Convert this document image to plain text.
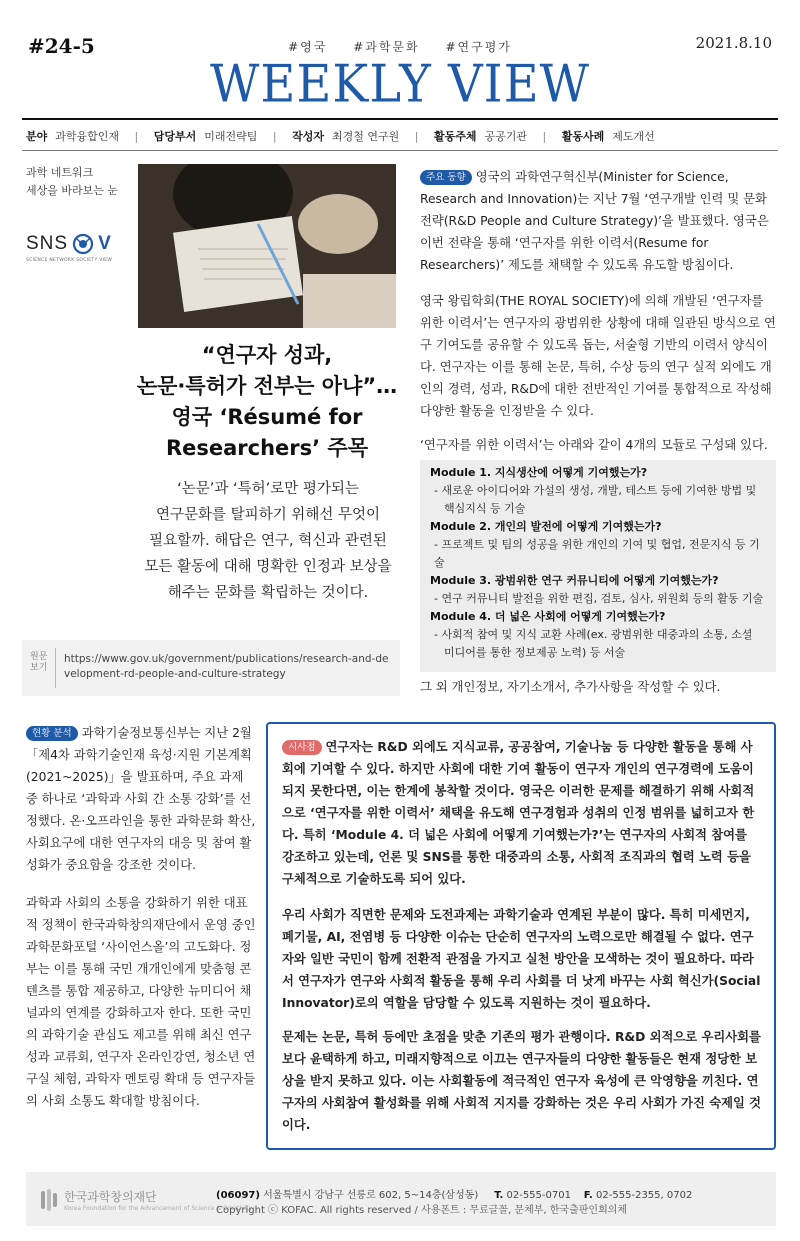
#24-5	#영국 #과학문화 #연구평가	2021.8.10
WEEKLY VIEW
분야 과학융합인재 | 담당부서 미래전략팀 | 작성자 최경철 연구원 | 활동주체 공공기관 | 활동사례 제도개선
과학 네트워크
세상을 바라보는 눈
SNS V
SCIENCE NETWORK SOCIETY VIEW
“연구자 성과,
논문·특허가 전부는 아냐”…
영국 ‘Résumé for
Researchers’ 주목
‘논문’과 ‘특허’로만 평가되는
연구문화를 탈피하기 위해선 무엇이
필요할까. 해답은 연구, 혁신과 관련된
모든 활동에 대해 명확한 인정과 보상을
해주는 문화를 확립하는 것이다.
원문 보기
https://www.gov.uk/government/publications/research-and-development-rd-people-and-culture-strategy

주요 동향 영국의 과학연구혁신부(Minister for Science, Research and Innovation)는 지난 7월 ‘연구개발 인력 및 문화 전략(R&D People and Culture Strategy)’을 발표했다. 영국은 이번 전략을 통해 ‘연구자를 위한 이력서(Resume for Researchers)’ 제도를 채택할 수 있도록 유도할 방침이다.

영국 왕립학회(THE ROYAL SOCIETY)에 의해 개발된 ‘연구자를 위한 이력서’는 연구자의 광범위한 상황에 대해 일관된 방식으로 연구 기여도를 공유할 수 있도록 돕는, 서술형 기반의 이력서 양식이다. 연구자는 이를 통해 논문, 특허, 수상 등의 연구 실적 외에도 개인의 경력, 성과, R&D에 대한 전반적인 기여를 통합적으로 작성해 다양한 활동을 인정받을 수 있다.
‘연구자를 위한 이력서’는 아래와 같이 4개의 모듈로 구성돼 있다.
Module 1. 지식생산에 어떻게 기여했는가?
- 새로운 아이디어와 가설의 생성, 개발, 테스트 등에 기여한 방법 및
핵심지식 등 기술
Module 2. 개인의 발전에 어떻게 기여했는가?
- 프로젝트 및 팀의 성공을 위한 개인의 기여 및 협업, 전문지식 등 기술
Module 3. 광범위한 연구 커뮤니티에 어떻게 기여했는가?
- 연구 커뮤니티 발전을 위한 편집, 검토, 심사, 위원회 등의 활동 기술
Module 4. 더 넓은 사회에 어떻게 기여했는가?
- 사회적 참여 및 지식 교환 사례(ex. 광범위한 대중과의 소통, 소셜
미디어를 통한 정보제공 노력) 등 서술
그 외 개인정보, 자기소개서, 추가사항을 작성할 수 있다.

현황 분석 과학기술정보통신부는 지난 2월 「제4차 과학기술인재 육성·지원 기본계획(2021~2025)」을 발표하며, 주요 과제 중 하나로 ‘과학과 사회 간 소통 강화’를 선정했다. 온·오프라인을 통한 과학문화 확산, 사회요구에 대한 연구자의 대응 및 참여 활성화가 중요함을 강조한 것이다.

과학과 사회의 소통을 강화하기 위한 대표적 정책이 한국과학창의재단에서 운영 중인 과학문화포털 ‘사이언스올’의 고도화다. 정부는 이를 통해 국민 개개인에게 맞춤형 콘텐츠를 통합 제공하고, 다양한 뉴미디어 채널과의 연계를 강화하고자 한다. 또한 국민의 과학기술 관심도 제고를 위해 최신 연구성과 교류회, 연구자 온라인강연, 청소년 연구실 체험, 과학자 멘토링 확대 등 연구자들의 사회 소통도 확대할 방침이다.

시사점 연구자는 R&D 외에도 지식교류, 공공참여, 기술나눔 등 다양한 활동을 통해 사회에 기여할 수 있다. 하지만 사회에 대한 기여 활동이 연구자 개인의 연구경력에 도움이 되지 못한다면, 이는 한계에 봉착할 것이다. 영국은 이러한 문제를 해결하기 위해 사회적으로 ‘연구자를 위한 이력서’ 채택을 유도해 연구경험과 성취의 인정 범위를 넓히고자 한다. 특히 ‘Module 4. 더 넓은 사회에 어떻게 기여했는가?’는 연구자의 사회적 참여를 강조하고 있는데, 언론 및 SNS를 통한 대중과의 소통, 사회적 조직과의 협력 노력 등을 구체적으로 기술하도록 되어 있다.

우리 사회가 직면한 문제와 도전과제는 과학기술과 연계된 부분이 많다. 특히 미세먼지, 폐기물, AI, 전염병 등 다양한 이슈는 단순히 연구자의 노력으로만 해결될 수 없다. 연구자와 일반 국민이 함께 전환적 관점을 가지고 실천 방안을 모색하는 것이 필요하다. 따라서 연구자가 연구와 사회적 활동을 통해 우리 사회를 더 낫게 바꾸는 사회 혁신가(Social Innovator)로의 역할을 담당할 수 있도록 지원하는 것이 필요하다.
문제는 논문, 특허 등에만 초점을 맞춘 기존의 평가 관행이다. R&D 외적으로 우리사회를 보다 윤택하게 하고, 미래지향적으로 이끄는 연구자들의 다양한 활동들은 현재 정당한 보상을 받지 못하고 있다. 이는 사회활동에 적극적인 연구자 육성에 큰 악영향을 끼친다. 연구자의 사회참여 활성화를 위해 사회적 지지를 강화하는 것은 우리 사회가 가진 숙제일 것이다.
한국과학창의재단
Korea Foundation for the Advancement of Science & Creativity
(06097) 서울특별시 강남구 선릉로 602, 5~14층(삼성동) T. 02-555-0701 F. 02-555-2355, 0702
Copyright ⓒ KOFAC. All rights reserved / 사용폰트 : 무료글꼴, 문체부, 한국출판인회의체
